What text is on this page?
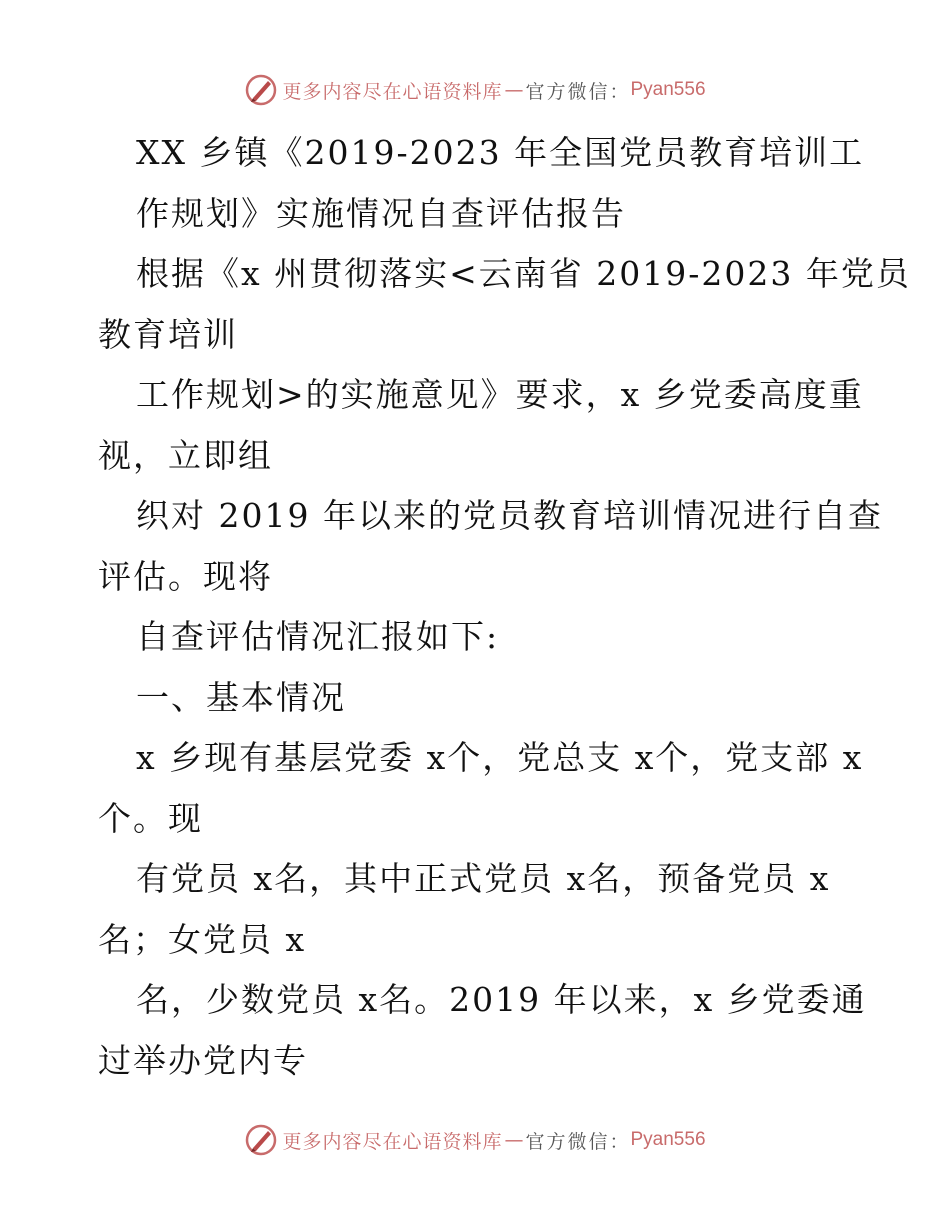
更多内容尽在心语资料库 — 官方微信： Pyan556
XX 乡镇《2019-2023 年全国党员教育培训工
作规划》实施情况自查评估报告
根据《x 州贯彻落实<云南省 2019-2023 年党员
教育培训
工作规划>的实施意见》要求，x 乡党委高度重
视，立即组
织对 2019 年以来的党员教育培训情况进行自查
评估。现将
自查评估情况汇报如下:
一、基本情况
x 乡现有基层党委 x个，党总支 x个，党支部 x
个。现
有党员 x名，其中正式党员 x名，预备党员 x
名；女党员 x
名，少数党员 x名。2019 年以来，x 乡党委通
过举办党内专
更多内容尽在心语资料库 — 官方微信： Pyan556
